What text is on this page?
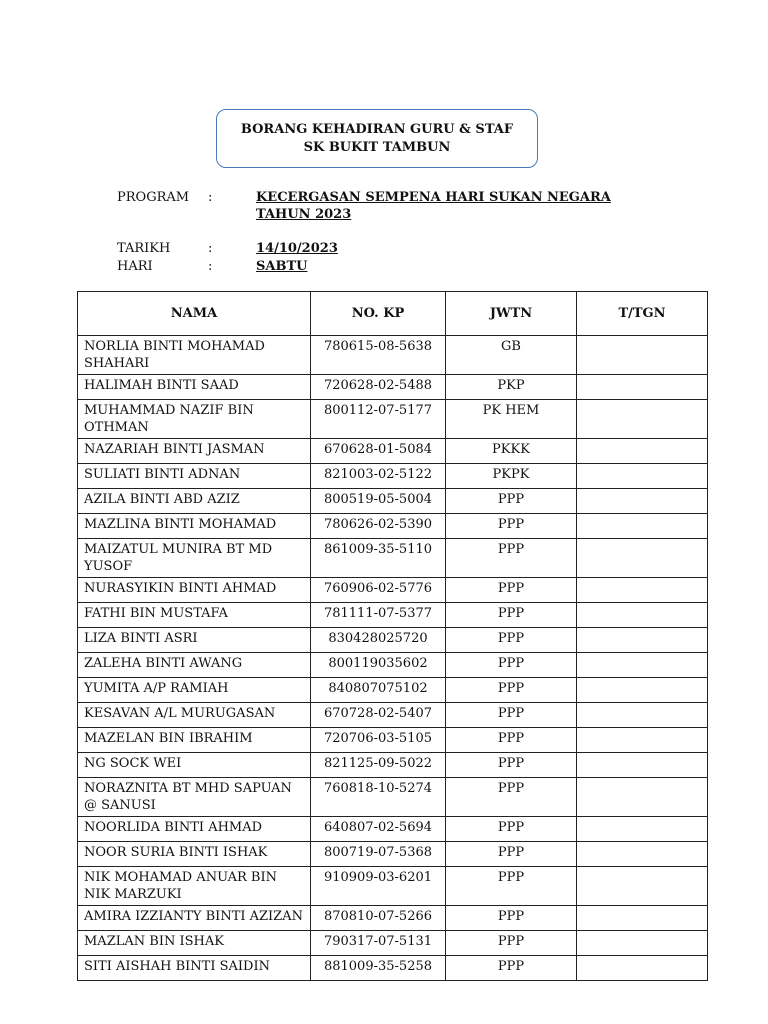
BORANG KEHADIRAN GURU & STAF
SK BUKIT TAMBUN
PROGRAM :	KECERGASAN SEMPENA HARI SUKAN NEGARA
TAHUN 2023
TARIKH	:	14/10/2023
HARI	:	SABTU
NAMA	NO. KP	JWTN	T/TGN
NORLIA BINTI MOHAMAD SHAHARI	780615-08-5638	GB	
HALIMAH BINTI SAAD	720628-02-5488	PKP	
MUHAMMAD NAZIF BIN OTHMAN	800112-07-5177	PK HEM	
NAZARIAH BINTI JASMAN	670628-01-5084	PKKK	
SULIATI BINTI ADNAN	821003-02-5122	PKPK	
AZILA BINTI ABD AZIZ	800519-05-5004	PPP	
MAZLINA BINTI MOHAMAD	780626-02-5390	PPP	
MAIZATUL MUNIRA BT MD YUSOF	861009-35-5110	PPP	
NURASYIKIN BINTI AHMAD	760906-02-5776	PPP	
FATHI BIN MUSTAFA	781111-07-5377	PPP	
LIZA BINTI ASRI	830428025720	PPP	
ZALEHA BINTI AWANG	800119035602	PPP	
YUMITA A/P RAMIAH	840807075102	PPP	
KESAVAN A/L MURUGASAN	670728-02-5407	PPP	
MAZELAN BIN IBRAHIM	720706-03-5105	PPP	
NG SOCK WEI	821125-09-5022	PPP	
NORAZNITA BT MHD SAPUAN @ SANUSI	760818-10-5274	PPP	
NOORLIDA BINTI AHMAD	640807-02-5694	PPP	
NOOR SURIA BINTI ISHAK	800719-07-5368	PPP	
NIK MOHAMAD ANUAR BIN NIK MARZUKI	910909-03-6201	PPP	
AMIRA IZZIANTY BINTI AZIZAN	870810-07-5266	PPP	
MAZLAN BIN ISHAK	790317-07-5131	PPP	
SITI AISHAH BINTI SAIDIN	881009-35-5258	PPP	
